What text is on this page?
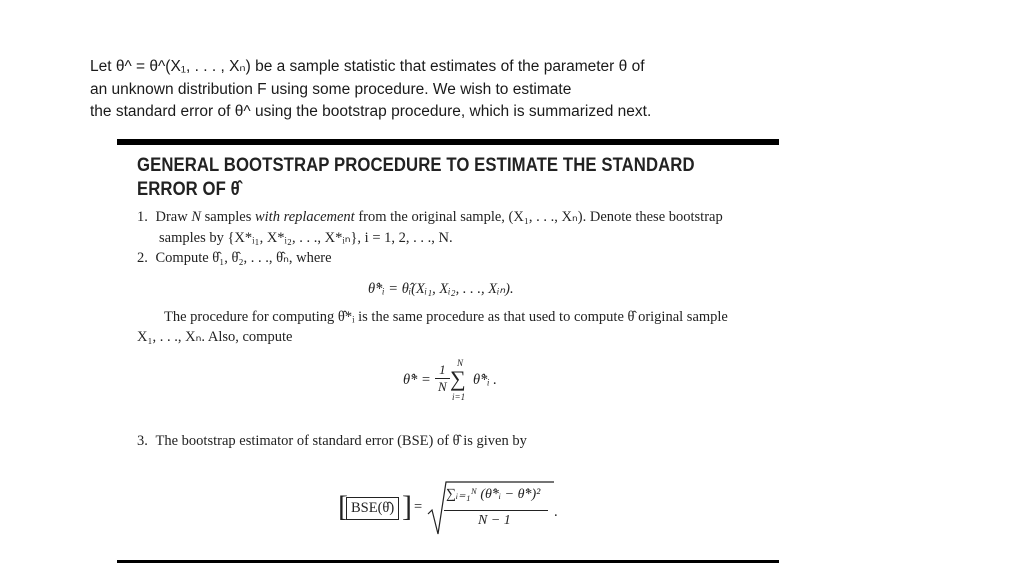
Let θ^ = θ^(X₁, . . . , Xₙ) be a sample statistic that estimates of the parameter θ of

an unknown distribution F using some procedure. We wish to estimate

the standard error of θ^ using the bootstrap procedure, which is summarized next.

GENERAL BOOTSTRAP PROCEDURE TO ESTIMATE THE STANDARD
ERROR OF θ̂
1. Draw N samples with replacement from the original sample, (X₁, . . ., Xₙ). Denote these bootstrap
samples by {X*ᵢ₁, X*ᵢ₂, . . ., X*ᵢₙ}, i = 1, 2, . . ., N.
2. Compute θ̂₁, θ̂₂, . . ., θ̂ₙ, where
θ̂*ᵢ = θ̂ᵢ(Xᵢ₁, Xᵢ₂, . . ., Xᵢₙ).
The procedure for computing θ̂*ᵢ is the same procedure as that used to compute θ̂ original sample
X₁, . . ., Xₙ. Also, compute
θ̂* = $\frac{1}{N}$ N
∑
i=1
θ̂*ᵢ .
3. The bootstrap estimator of standard error (BSE) of θ̂ is given by
[ BSE(θ̂) ] =
∑ᵢ₌₁ᴺ (θ̂*ᵢ − θ̂*)²
N − 1
.
